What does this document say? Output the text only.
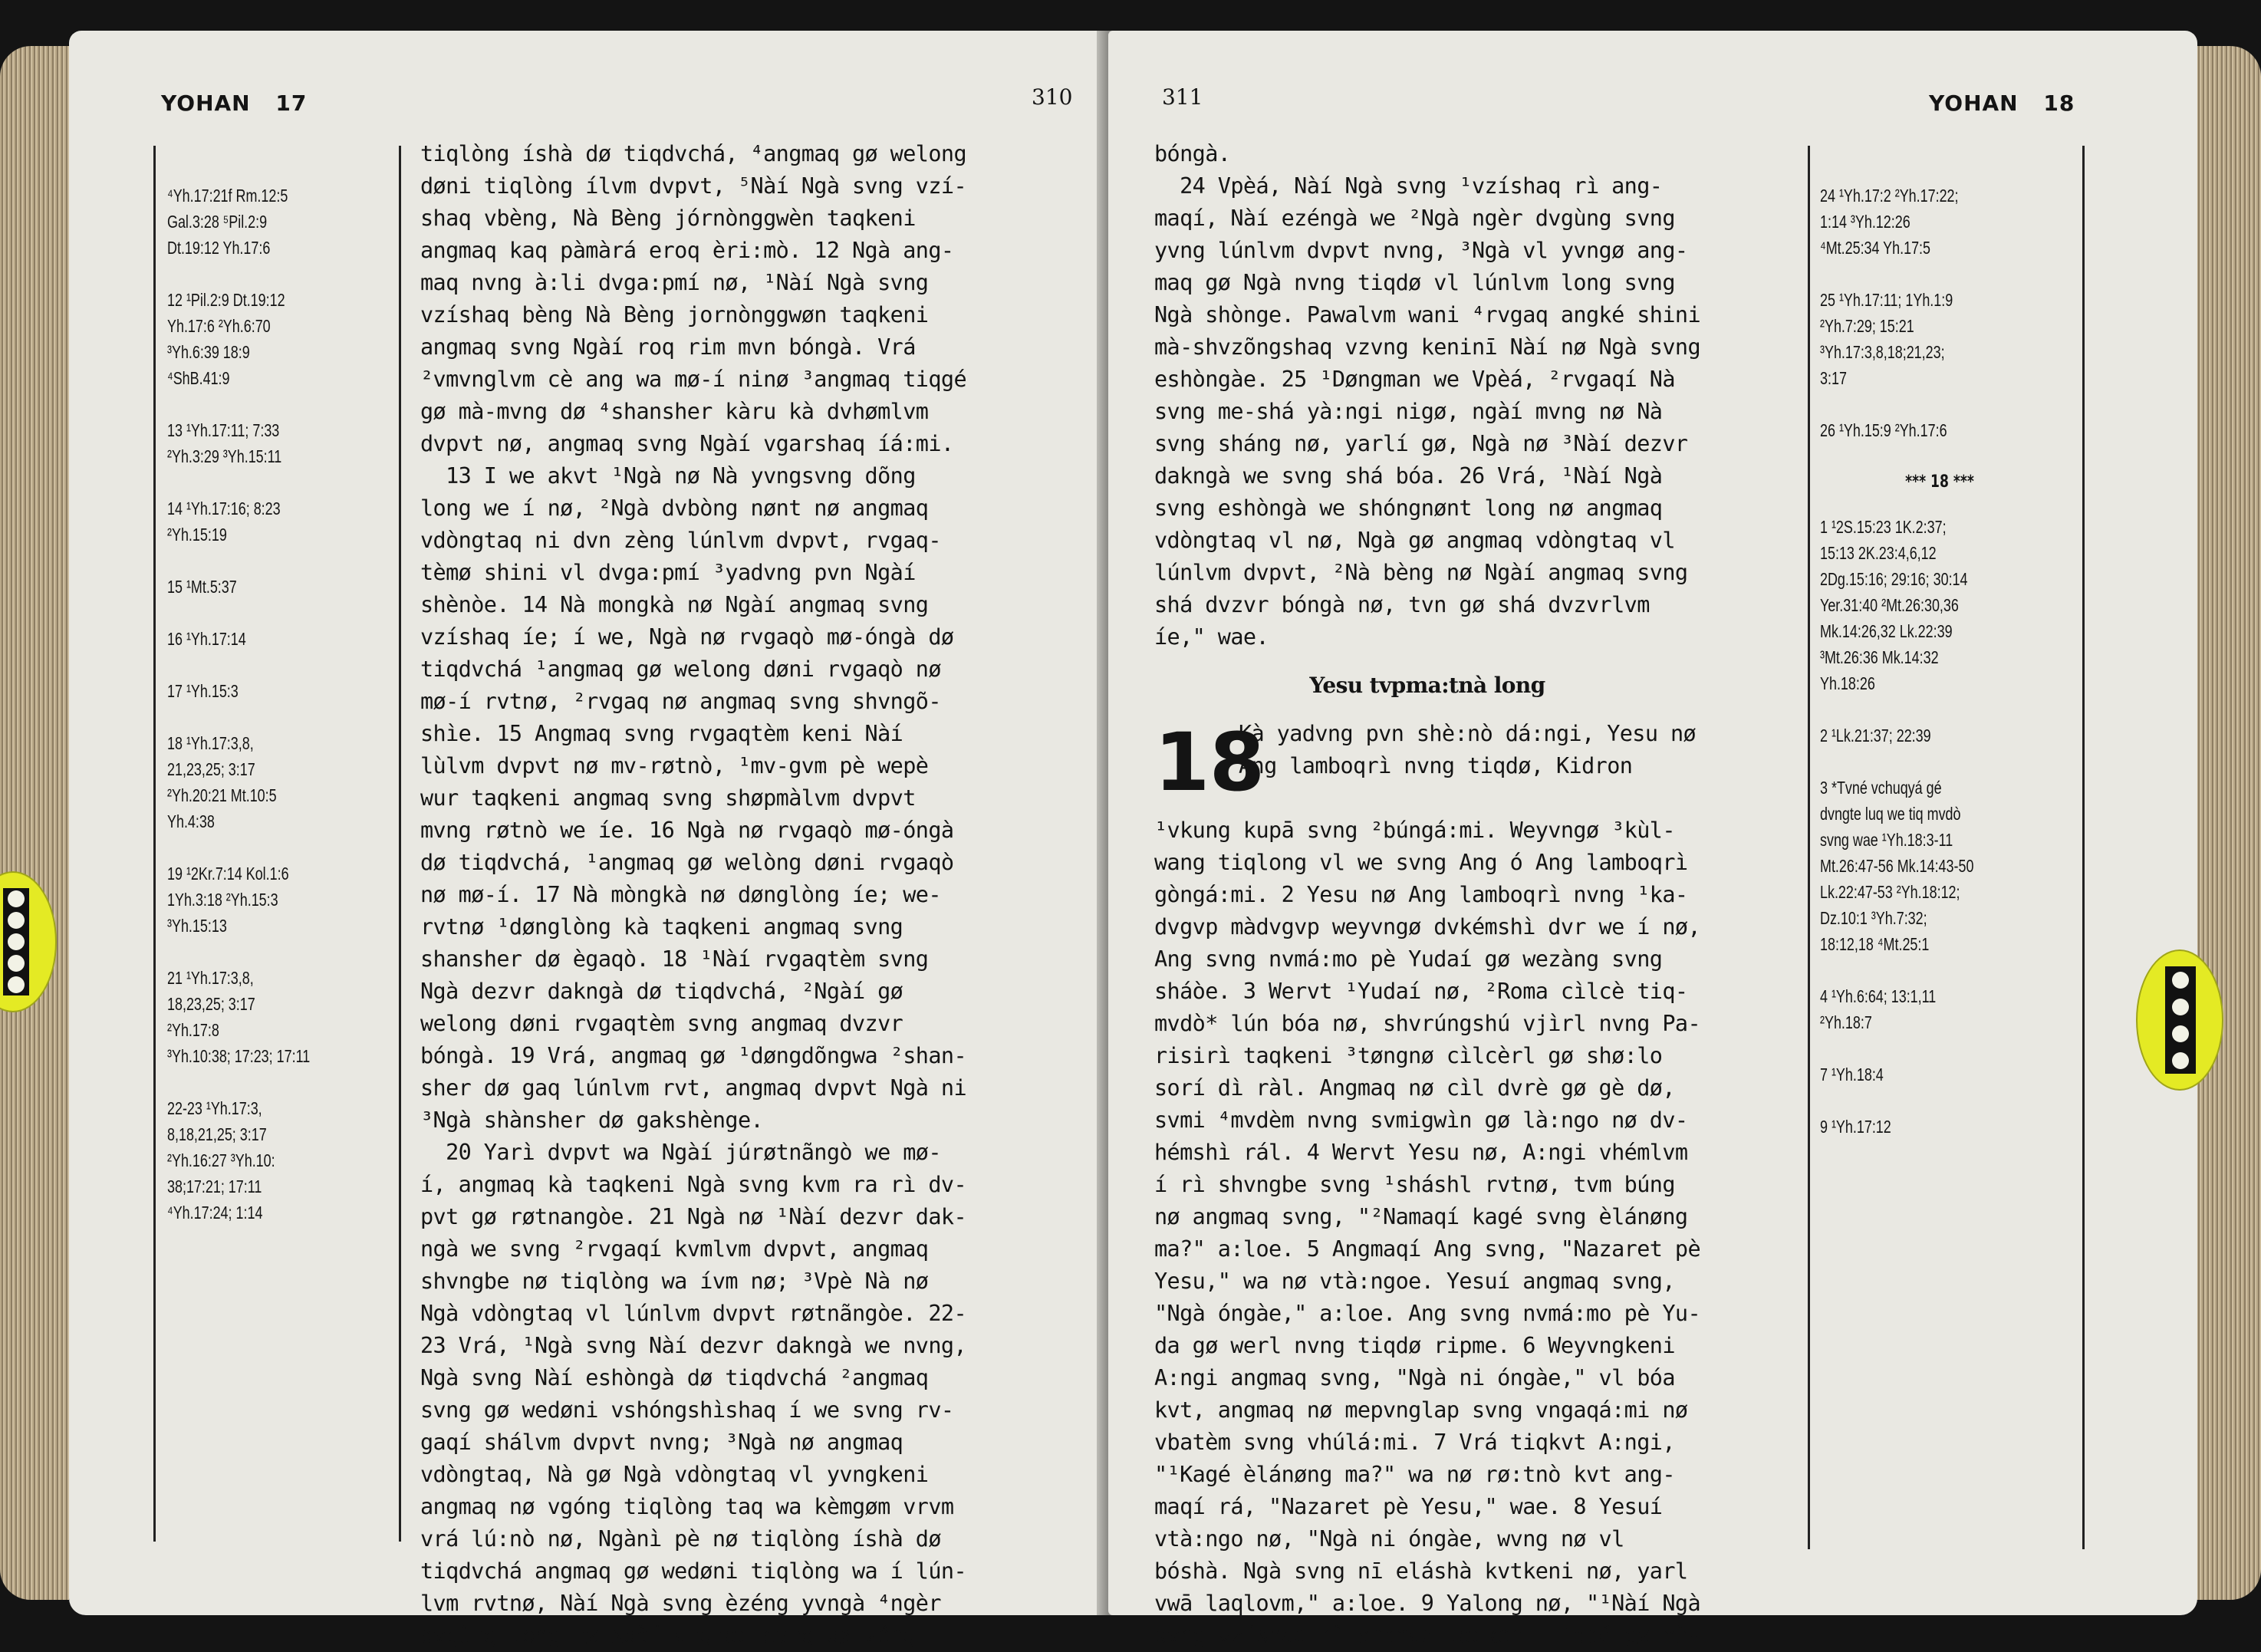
YOHAN 17	310
⁴Yh.17:21f Rm.12:5
Gal.3:28 ⁵Pil.2:9
Dt.19:12 Yh.17:6
12 ¹Pil.2:9 Dt.19:12
Yh.17:6 ²Yh.6:70
³Yh.6:39 18:9 ⁴ShB.41:9
13 ¹Yh.17:11; 7:33
²Yh.3:29 ³Yh.15:11
14 ¹Yh.17:16; 8:23
²Yh.15:19
15 ¹Mt.5:37
16 ¹Yh.17:14
17 ¹Yh.15:3
18 ¹Yh.17:3,8,
21,23,25; 3:17
²Yh.20:21 Mt.10:5
Yh.4:38
19 ¹2Kr.7:14 Kol.1:6
1Yh.3:18 ²Yh.15:3
³Yh.15:13
21 ¹Yh.17:3,8,
18,23,25; 3:17 ²Yh.17:8
³Yh.10:38; 17:23; 17:11
22-23 ¹Yh.17:3,
8,18,21,25; 3:17
²Yh.16:27 ³Yh.10:
38;17:21; 17:11
⁴Yh.17:24; 1:14
tiqlòng íshà dø tiqdvchá, ⁴angmaq gø welong
døni tiqlòng ílvm dvpvt, ⁵Nàí Ngà svng vzí-
shaq vbèng, Nà Bèng jórnònggwèn taqkeni
angmaq kaq pàmàrá eroq èri:mò. 12 Ngà ang-
maq nvng à:li dvga:pmí nø, ¹Nàí Ngà svng
vzíshaq bèng Nà Bèng jornònggwøn taqkeni
angmaq svng Ngàí roq rim mvn bóngà. Vrá
²vmvnglvm cè ang wa mø-í ninø ³angmaq tiqgé
gø mà-mvng dø ⁴shansher kàru kà dvhømlvm
dvpvt nø, angmaq svng Ngàí vgarshaq íá:mi.
13 I we akvt ¹Ngà nø Nà yvngsvng dõng
long we í nø, ²Ngà dvbòng nønt nø angmaq
vdòngtaq ni dvn zèng lúnlvm dvpvt, rvgaq-
tèmø shini vl dvga:pmí ³yadvng pvn Ngàí
shènòe. 14 Nà mongkà nø Ngàí angmaq svng
vzíshaq íe; í we, Ngà nø rvgaqò mø-óngà dø
tiqdvchá ¹angmaq gø welong døni rvgaqò nø
mø-í rvtnø, ²rvgaq nø angmaq svng shvngõ-
shìe. 15 Angmaq svng rvgaqtèm keni Nàí
lùlvm dvpvt nø mv-røtnò, ¹mv-gvm pè wepè
wur taqkeni angmaq svng shøpmàlvm dvpvt
mvng røtnò we íe. 16 Ngà nø rvgaqò mø-óngà
dø tiqdvchá, ¹angmaq gø welòng døni rvgaqò
nø mø-í. 17 Nà mòngkà nø dønglòng íe; we-
rvtnø ¹dønglòng kà taqkeni angmaq svng
shansher dø ègaqò. 18 ¹Nàí rvgaqtèm svng
Ngà dezvr dakngà dø tiqdvchá, ²Ngàí gø
welong døni rvgaqtèm svng angmaq dvzvr
bóngà. 19 Vrá, angmaq gø ¹døngdõngwa ²shan-
sher dø gaq lúnlvm rvt, angmaq dvpvt Ngà ni
³Ngà shànsher dø gakshènge.
20 Yarì dvpvt wa Ngàí júrøtnãngò we mø-
í, angmaq kà taqkeni Ngà svng kvm ra rì dv-
pvt gø røtnangòe. 21 Ngà nø ¹Nàí dezvr dak-
ngà we svng ²rvgaqí kvmlvm dvpvt, angmaq
shvngbe nø tiqlòng wa ívm nø; ³Vpè Nà nø
Ngà vdòngtaq vl lúnlvm dvpvt røtnãngòe. 22-
23 Vrá, ¹Ngà svng Nàí dezvr dakngà we nvng,
Ngà svng Nàí eshòngà dø tiqdvchá ²angmaq
svng gø wedøni vshóngshìshaq í we svng rv-
gaqí shálvm dvpvt nvng; ³Ngà nø angmaq
vdòngtaq, Nà gø Ngà vdòngtaq vl yvngkeni
angmaq nø vgóng tiqlòng taq wa kèmgøm vrvm
vrá lú:nò nø, Ngànì pè nø tiqlòng íshà dø
tiqdvchá angmaq gø wedøni tiqlòng wa í lún-
lvm rvtnø, Nàí Ngà svng èzéng yvngà ⁴ngèr
dvgùng long nø Ngàí angmaq svng gø zéng
311	YOHAN 18
bóngà.
24 Vpèá, Nàí Ngà svng ¹vzíshaq rì ang-
maqí, Nàí ezéngà we ²Ngà ngèr dvgùng svng
yvng lúnlvm dvpvt nvng, ³Ngà vl yvngø ang-
maq gø Ngà nvng tiqdø vl lúnlvm long svng
Ngà shònge. Pawalvm wani ⁴rvgaq angké shini
mà-shvzõngshaq vzvng keninī Nàí nø Ngà svng
eshòngàe. 25 ¹Døngman we Vpèá, ²rvgaqí Nà
svng me-shá yà:ngi nigø, ngàí mvng nø Nà
svng sháng nø, yarlí gø, Ngà nø ³Nàí dezvr
dakngà we svng shá bóa. 26 Vrá, ¹Nàí Ngà
svng eshòngà we shóngnønt long nø angmaq
vdòngtaq vl nø, Ngà gø angmaq vdòngtaq vl
lúnlvm dvpvt, ²Nà bèng nø Ngàí angmaq svng
shá dvzvr bóngà nø, tvn gø shá dvzvrlvm
íe," wae.
Yesu tvpma:tnà long
18
Kà yadvng pvn shè:nò dá:ngi, Yesu nø
Ang lamboqrì nvng tiqdø, Kidron
¹vkung kupā svng ²búngá:mi. Weyvngø ³kùl-
wang tiqlong vl we svng Ang ó Ang lamboqrì
gòngá:mi. 2 Yesu nø Ang lamboqrì nvng ¹ka-
dvgvp màdvgvp weyvngø dvkémshì dvr we í nø,
Ang svng nvmá:mo pè Yudaí gø wezàng svng
sháòe. 3 Wervt ¹Yudaí nø, ²Roma cìlcè tiq-
mvdò* lún bóa nø, shvrúngshú vjìrl nvng Pa-
risirì taqkeni ³tøngnø cìlcèrl gø shø:lo
sorí dì ràl. Angmaq nø cìl dvrè gø gè dø,
svmi ⁴mvdèm nvng svmigwìn gø là:ngo nø dv-
hémshì rál. 4 Wervt Yesu nø, A:ngi vhémlvm
í rì shvngbe svng ¹sháshl rvtnø, tvm búng
nø angmaq svng, "²Namaqí kagé svng èlánøng
ma?" a:loe. 5 Angmaqí Ang svng, "Nazaret pè
Yesu," wa nø vtà:ngoe. Yesuí angmaq svng,
"Ngà óngàe," a:loe. Ang svng nvmá:mo pè Yu-
da gø werl nvng tiqdø ripme. 6 Weyvngkeni
A:ngi angmaq svng, "Ngà ni óngàe," vl bóa
kvt, angmaq nø mepvnglap svng vngaqá:mi nø
vbatèm svng vhúlá:mi. 7 Vrá tiqkvt A:ngi,
"¹Kagé èlánøng ma?" wa nø rø:tnò kvt ang-
maqí rá, "Nazaret pè Yesu," wae. 8 Yesuí
vtà:ngo nø, "Ngà ni óngàe, wvng nø vl
bóshà. Ngà svng nī eláshà kvtkeni nø, yarl
vwā laqlovm," a:loe. 9 Yalong nø, "¹Nàí Ngà
svng vzíshaq rì angmaq taqkeni tiqgé gø mà-
24 ¹Yh.17:2 ²Yh.17:22;
1:14 ³Yh.12:26
⁴Mt.25:34 Yh.17:5
25 ¹Yh.17:11; 1Yh.1:9
²Yh.7:29; 15:21
³Yh.17:3,8,18;21,23;
3:17
26 ¹Yh.15:9 ²Yh.17:6
*** 18 ***
1 ¹2S.15:23 1K.2:37;
15:13 2K.23:4,6,12
2Dg.15:16; 29:16; 30:14
Yer.31:40 ²Mt.26:30,36
Mk.14:26,32 Lk.22:39
³Mt.26:36 Mk.14:32
Yh.18:26
2 ¹Lk.21:37; 22:39
3 *Tvné vchuqyá gé
dvngte luq we tiq mvdò
svng wae ¹Yh.18:3-11
Mt.26:47-56 Mk.14:43-50
Lk.22:47-53 ²Yh.18:12;
Dz.10:1 ³Yh.7:32;
18:12,18 ⁴Mt.25:1
4 ¹Yh.6:64; 13:1,11
²Yh.18:7
7 ¹Yh.18:4
9 ¹Yh.17:12
